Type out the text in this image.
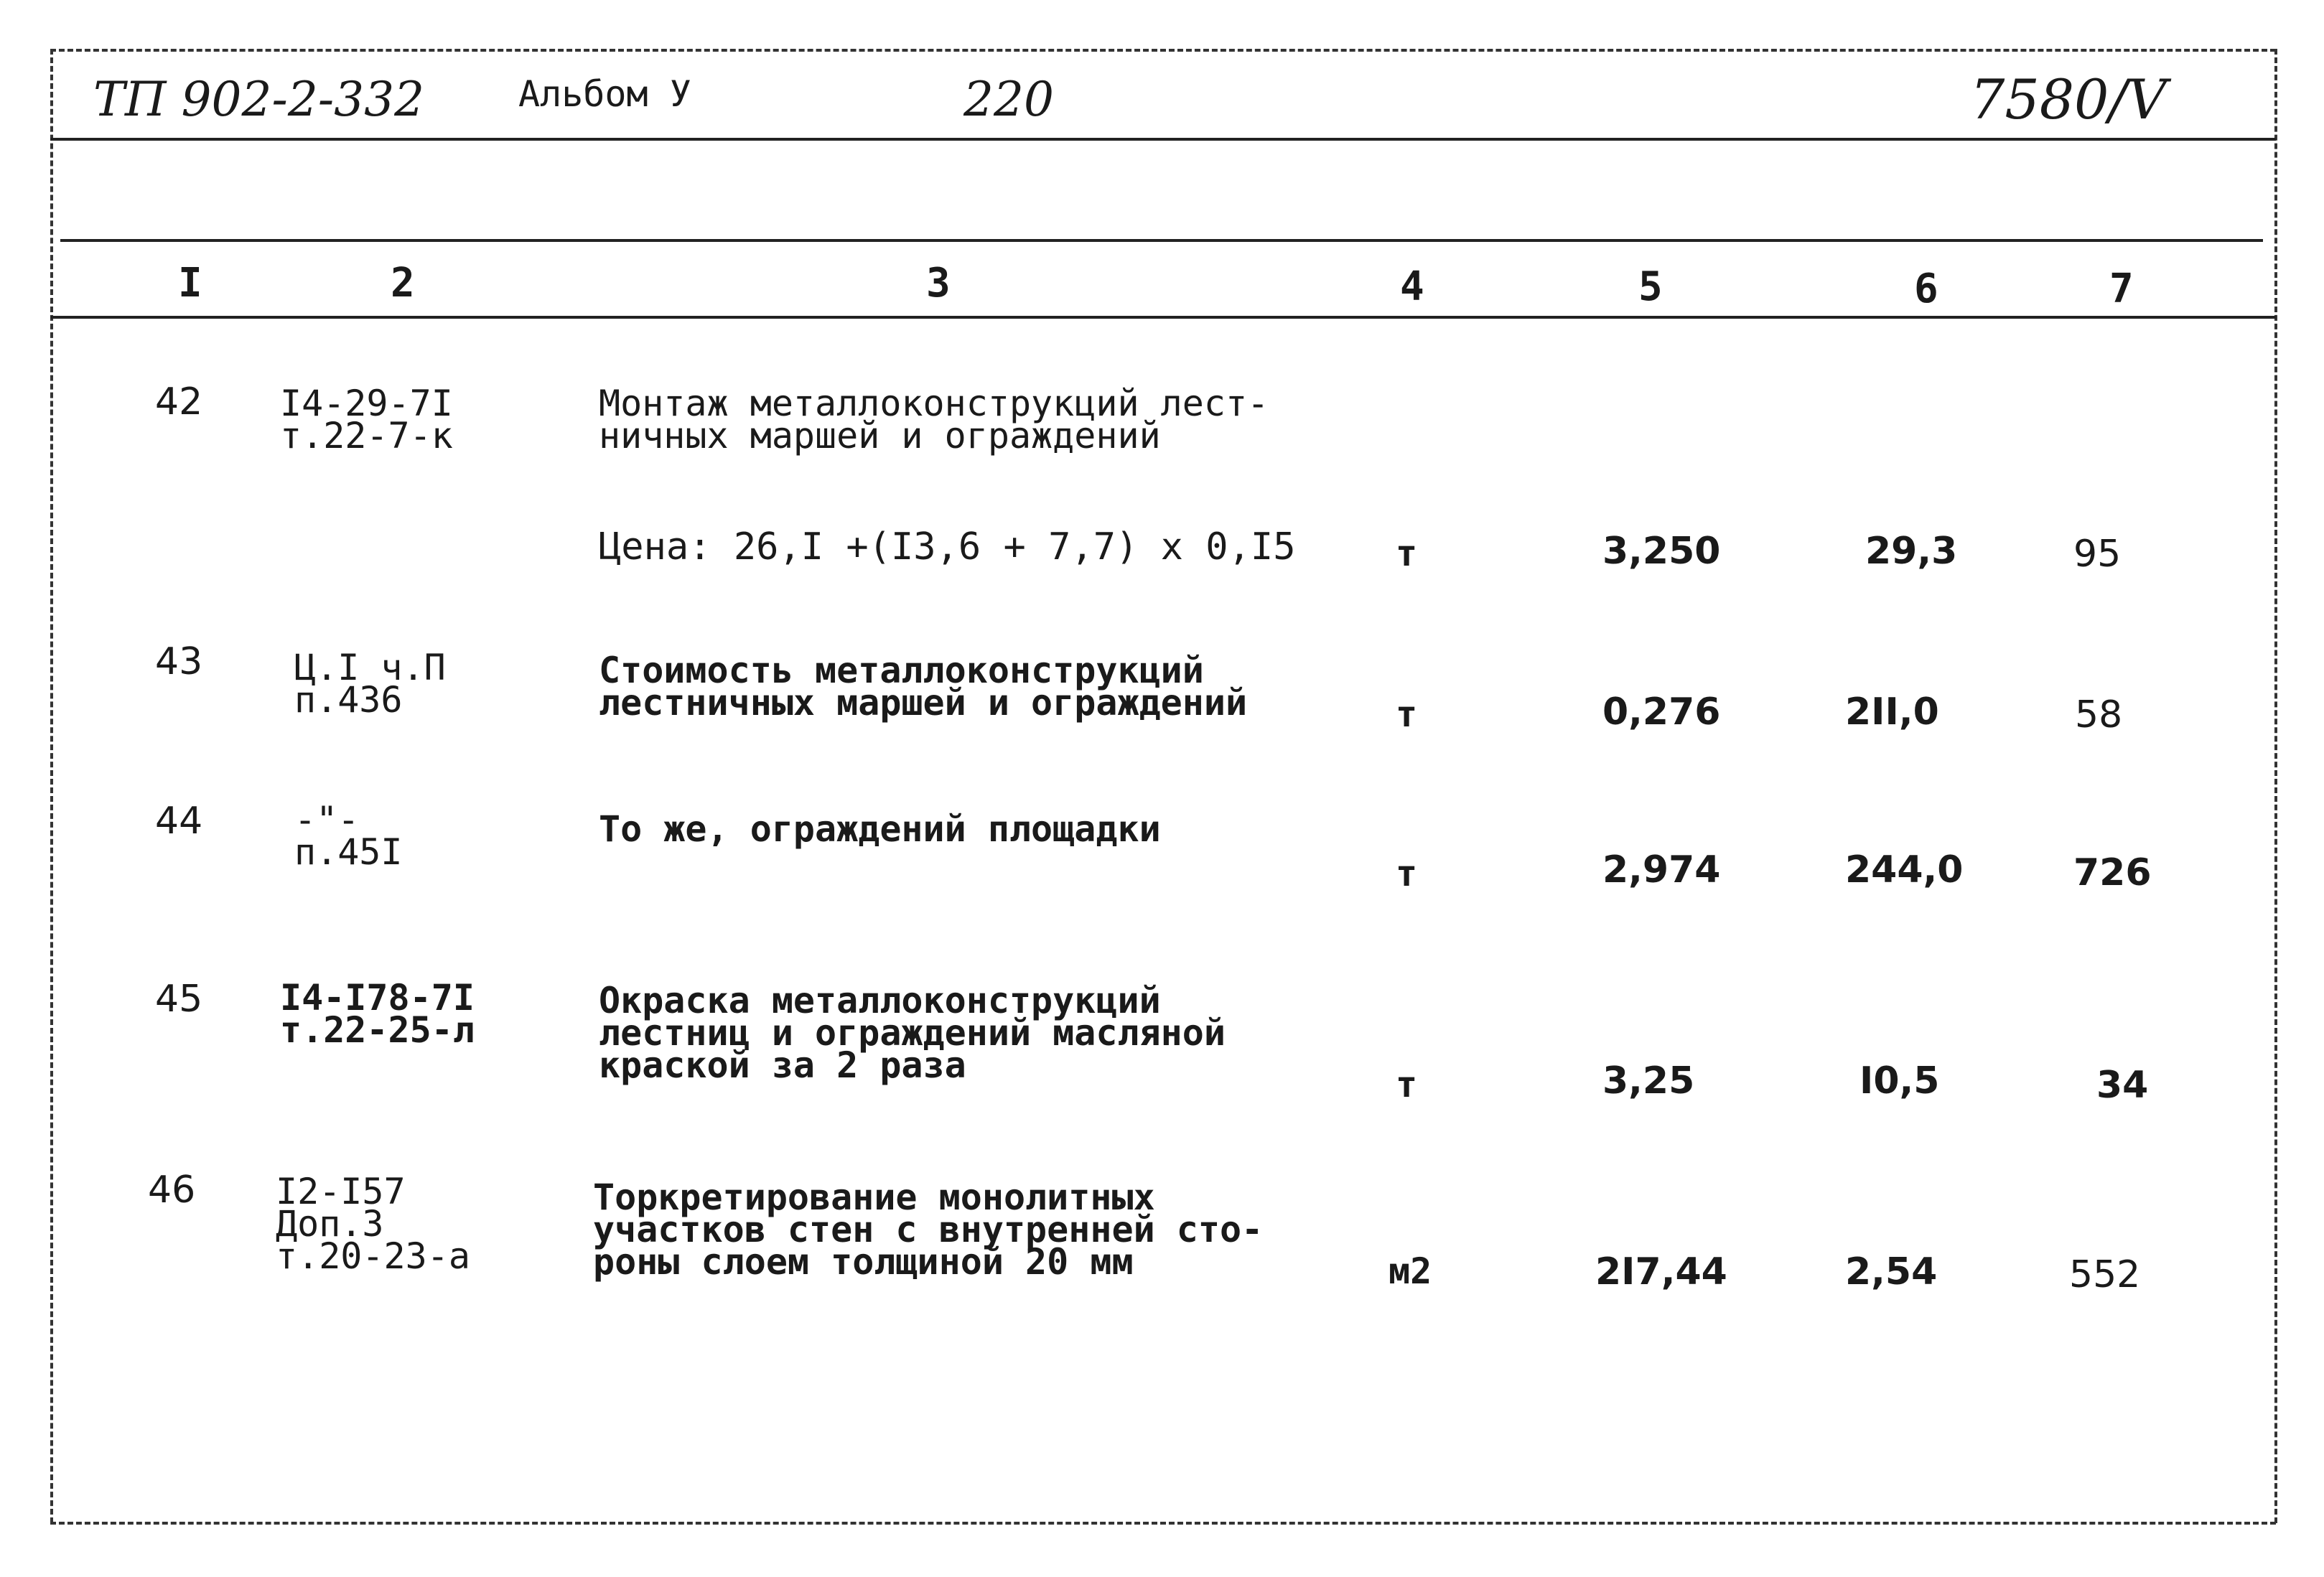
ТП 902-2-332	Альбом У	220	7580/V
I	2	3	4	5	6	7
42 I4-29-7I
т.22-7-к
Монтаж металлоконструкций лест-
ничных маршей и ограждений
Цена: 26,I +(I3,6 + 7,7) x 0,I5	т	3,250	29,3	95
43	Ц.I ч.П
п.436
Стоимость металлоконструкций
лестничных маршей и ограждений	т	0,276	2II,0	58
44	-"-
п.45I
То же, ограждений площадки
т	2,974	244,0	726
45 I4-I78-7I
т.22-25-л
Окраска металлоконструкций
лестниц и ограждений масляной
краской за 2 раза	т	3,25	I0,5	34
46 I2-I57
Доп.3
т.20-23-а
Торкретирование монолитных
участков стен с внутренней сто-
роны слоем толщиной 20 мм	м2	2I7,44	2,54	552
